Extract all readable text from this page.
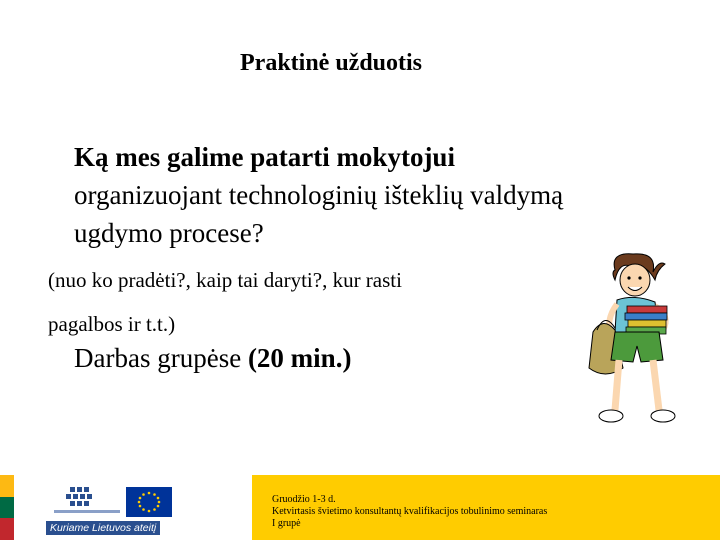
Praktinė užduotis
Ką mes galime patarti mokytojui
organizuojant technologinių išteklių valdymą
ugdymo procese?
(nuo ko pradėti?, kaip tai daryti?, kur rasti
pagalbos ir t.t.)
Darbas grupėse (20 min.)
Kuriame Lietuvos ateitį
Gruodžio 1-3 d.
Ketvirtasis švietimo konsultantų kvalifikacijos tobulinimo seminaras
I grupė
